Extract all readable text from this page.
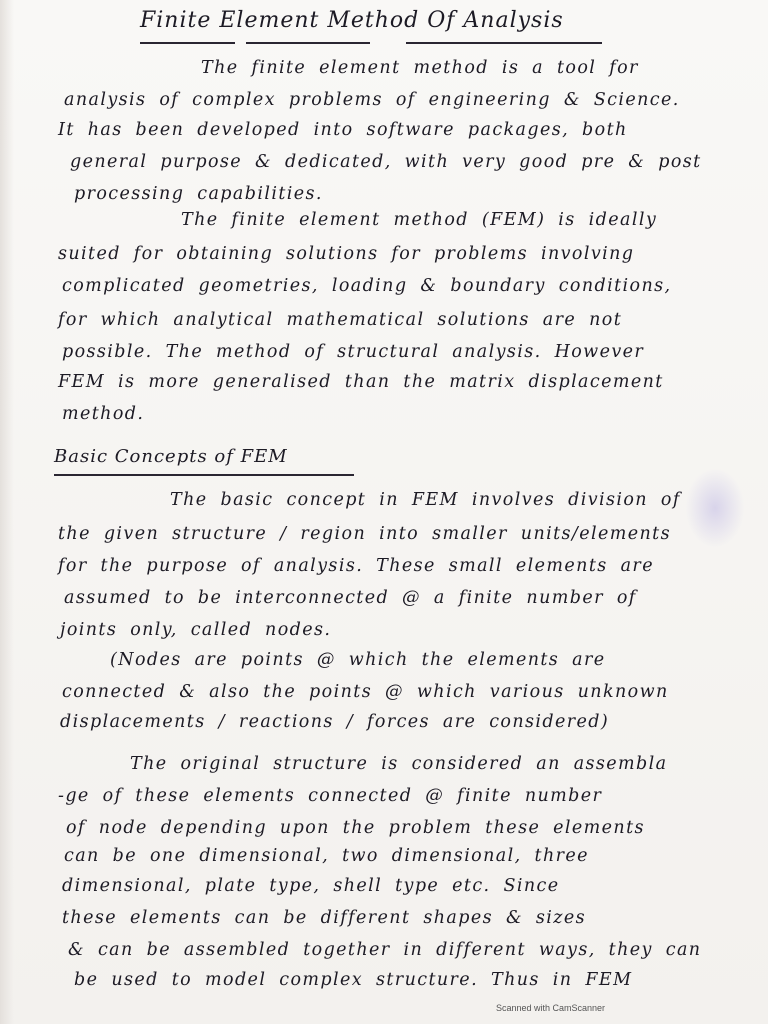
Finite Element Method Of Analysis
The finite element method is a tool for
analysis of complex problems of engineering & Science.
It has been developed into software packages, both
general purpose & dedicated, with very good pre & post
processing capabilities.
The finite element method (FEM) is ideally
suited for obtaining solutions for problems involving
complicated geometries, loading & boundary conditions,
for which analytical mathematical solutions are not
possible. The method of structural analysis. However
FEM is more generalised than the matrix displacement
method.
Basic Concepts of FEM
The basic concept in FEM involves division of
the given structure / region into smaller units/elements
for the purpose of analysis. These small elements are
assumed to be interconnected @ a finite number of
joints only, called nodes.
(Nodes are points @ which the elements are
connected & also the points @ which various unknown
displacements / reactions / forces are considered)
The original structure is considered an assembla
-ge of these elements connected @ finite number
of node depending upon the problem these elements
can be one dimensional, two dimensional, three
dimensional, plate type, shell type etc. Since
these elements can be different shapes & sizes
& can be assembled together in different ways, they can
be used to model complex structure. Thus in FEM
Scanned with CamScanner
